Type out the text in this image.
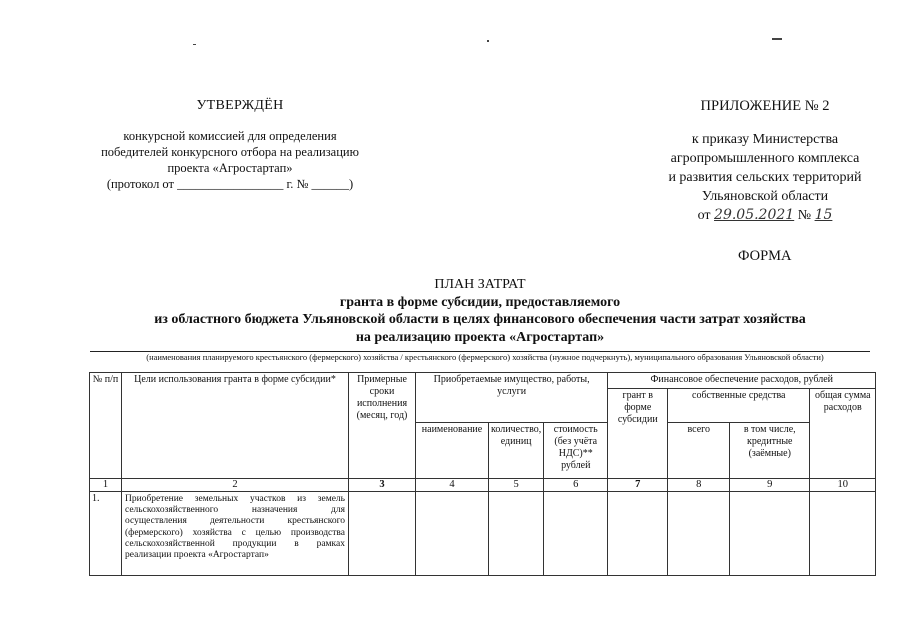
УТВЕРЖДЁН
конкурсной комиссией для определения
победителей конкурсного отбора на реализацию
проекта «Агростартап»
(протокол от _________________ г. № ______)
ПРИЛОЖЕНИЕ № 2
к приказу Министерства
агропромышленного комплекса
и развития сельских территорий
Ульяновской области
от 29.05.2021 № 15
ФОРМА
ПЛАН ЗАТРАТ
гранта в форме субсидии, предоставляемого
из областного бюджета Ульяновской области в целях финансового обеспечения части затрат хозяйства
на реализацию проекта «Агростартап»
(наименования планируемого крестьянского (фермерского) хозяйства / крестьянского (фермерского) хозяйства (нужное подчеркнуть), муниципального образования Ульяновской области)
№ п/п	Цели использования гранта в форме субсидии*	Примерные сроки исполнения (месяц, год)	Приобретаемые имущество, работы, услуги			Финансовое обеспечение расходов, рублей			
						грант в форме субсидии	собственные средства		общая сумма расходов
			наименование	количество, единиц	стоимость (без учёта НДС)** рублей		всего	в том числе, кредитные (заёмные)	
1	2	3	4	5	6	7	8	9	10
1.	Приобретение земельных участков из земель сельскохозяйственного назначения для осуществления деятельности крестьянского (фермерского) хозяйства с целью производства сельскохозяйственной продукции в рамках реализации проекта «Агростартап»								
